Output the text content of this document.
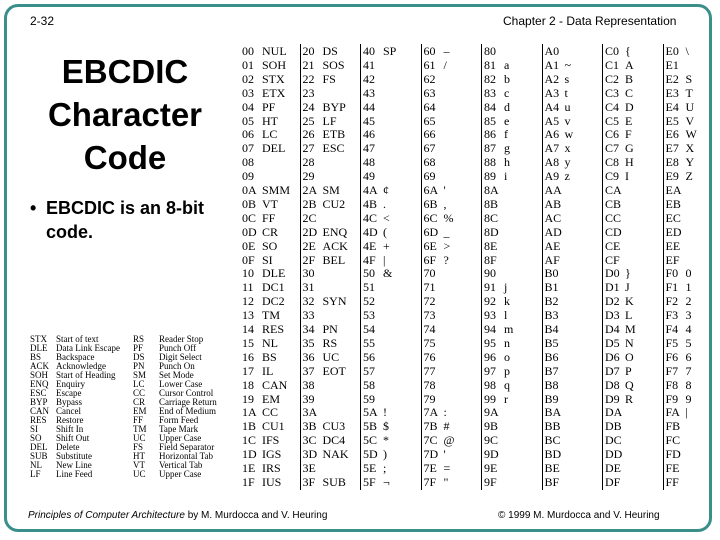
2-32	Chapter 2 - Data Representation
EBCDIC
Character
Code
• EBCDIC is an 8-bit code.
00 NUL
01 SOH
02 STX
03 ETX
04 PF
05 HT
06 LC
07 DEL
08
09
0A SMM
0B VT
0C FF
0D CR
0E SO
0F SI
10 DLE
11 DC1
12 DC2
13 TM
14 RES
15 NL
16 BS
17 IL
18 CAN
19 EM
1A CC
1B CU1
1C IFS
1D IGS
1E IRS
1F IUS
20 DS
21 SOS
22 FS
23
24 BYP
25 LF
26 ETB
27 ESC
28
29
2A SM
2B CU2
2C
2D ENQ
2E ACK
2F BEL
30
31
32 SYN
33
34 PN
35 RS
36 UC
37 EOT
38
39
3A
3B CU3
3C DC4
3D NAK
3E
3F SUB
40 SP
41
42
43
44
45
46
47
48
49
4A ¢
4B .
4C <
4D (
4E +
4F |
50 &
51
52
53
54
55
56
57
58
59
5A !
5B $
5C *
5D )
5E ;
5F ¬
60 –
61 /
62
63
64
65
66
67
68
69
6A '
6B ,
6C %
6D _
6E >
6F ?
70
71
72
73
74
75
76
77
78
79
7A :
7B #
7C @
7D '
7E =
7F "
80
81 a
82 b
83 c
84 d
85 e
86 f
87 g
88 h
89 i
8A
8B
8C
8D
8E
8F
90
91 j
92 k
93 l
94 m
95 n
96 o
97 p
98 q
99 r
9A
9B
9C
9D
9E
9F
A0
A1 ~
A2 s
A3 t
A4 u
A5 v
A6 w
A7 x
A8 y
A9 z
AA
AB
AC
AD
AE
AF
B0
B1
B2
B3
B4
B5
B6
B7
B8
B9
BA
BB
BC
BD
BE
BF
C0 {
C1 A
C2 B
C3 C
C4 D
C5 E
C6 F
C7 G
C8 H
C9 I
CA
CB
CC
CD
CE
CF
D0 }
D1 J
D2 K
D3 L
D4 M
D5 N
D6 O
D7 P
D8 Q
D9 R
DA
DB
DC
DD
DE
DF
E0 \
E1
E2 S
E3 T
E4 U
E5 V
E6 W
E7 X
E8 Y
E9 Z
EA
EB
EC
ED
EE
EF
F0 0
F1 1
F2 2
F3 3
F4 4
F5 5
F6 6
F7 7
F8 8
F9 9
FA |
FB
FC
FD
FE
FF
STX Start of text
DLE Data Link Escape
BS Backspace
ACK Acknowledge
SOH Start of Heading
ENQ Enquiry
ESC Escape
BYP Bypass
CAN Cancel
RES Restore
SI Shift In
SO Shift Out
DEL Delete
SUB Substitute
NL New Line
LF Line Feed
RS Reader Stop
PF Punch Off
DS Digit Select
PN Punch On
SM Set Mode
LC Lower Case
CC Cursor Control
CR Carriage Return
EM End of Medium
FF Form Feed
TM Tape Mark
UC Upper Case
FS Field Separator
HT Horizontal Tab
VT Vertical Tab
UC Upper Case
Principles of Computer Architecture by M. Murdocca and V. Heuring	© 1999 M. Murdocca and V. Heuring
